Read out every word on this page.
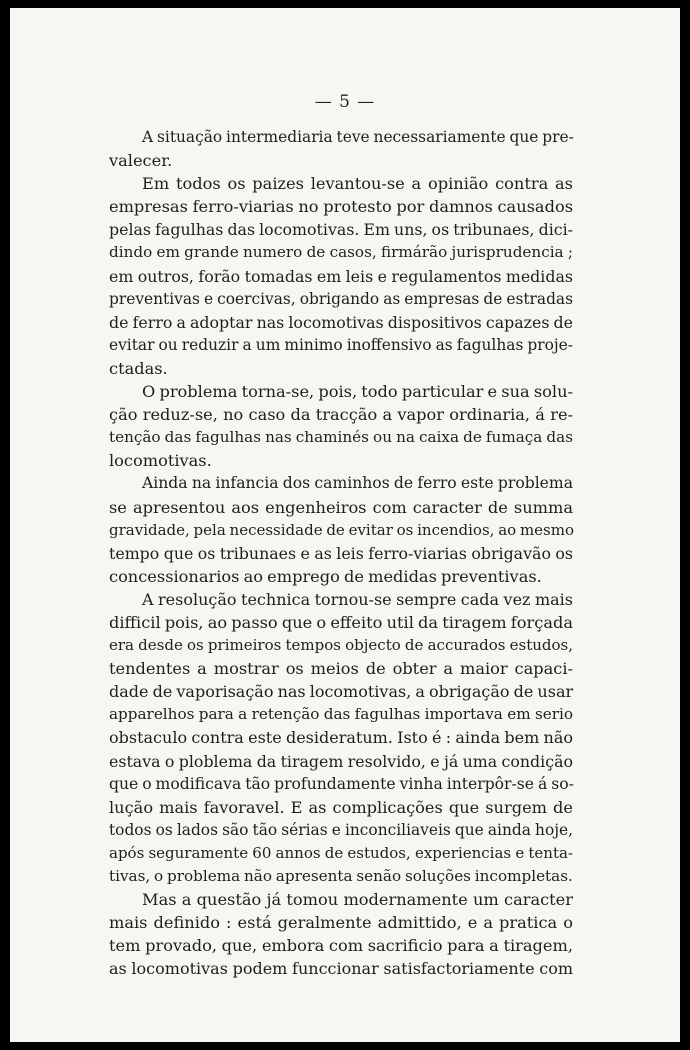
— 5 —
A situação intermediaria teve necessariamente que pre-
valecer.
Em todos os paizes levantou-se a opinião contra as
empresas ferro-viarias no protesto por damnos causados
pelas fagulhas das locomotivas. Em uns, os tribunaes, dici-
dindo em grande numero de casos, firmárão jurisprudencia ;
em outros, forão tomadas em leis e regulamentos medidas
preventivas e coercivas, obrigando as empresas de estradas
de ferro a adoptar nas locomotivas dispositivos capazes de
evitar ou reduzir a um minimo inoffensivo as fagulhas proje-
ctadas.
O problema torna-se, pois, todo particular e sua solu-
ção reduz-se, no caso da tracção a vapor ordinaria, á re-
tenção das fagulhas nas chaminés ou na caixa de fumaça das
locomotivas.
Ainda na infancia dos caminhos de ferro este problema
se apresentou aos engenheiros com caracter de summa
gravidade, pela necessidade de evitar os incendios, ao mesmo
tempo que os tribunaes e as leis ferro-viarias obrigavão os
concessionarios ao emprego de medidas preventivas.
A resolução technica tornou-se sempre cada vez mais
difficil pois, ao passo que o effeito util da tiragem forçada
era desde os primeiros tempos objecto de accurados estudos,
tendentes a mostrar os meios de obter a maior capaci-
dade de vaporisação nas locomotivas, a obrigação de usar
apparelhos para a retenção das fagulhas importava em serio
obstaculo contra este desideratum. Isto é : ainda bem não
estava o ploblema da tiragem resolvido, e já uma condição
que o modificava tão profundamente vinha interpôr-se á so-
lução mais favoravel. E as complicações que surgem de
todos os lados são tão sérias e inconciliaveis que ainda hoje,
após seguramente 60 annos de estudos, experiencias e tenta-
tivas, o problema não apresenta senão soluções incompletas.
Mas a questão já tomou modernamente um caracter
mais definido : está geralmente admittido, e a pratica o
tem provado, que, embora com sacrificio para a tiragem,
as locomotivas podem funccionar satisfactoriamente com
